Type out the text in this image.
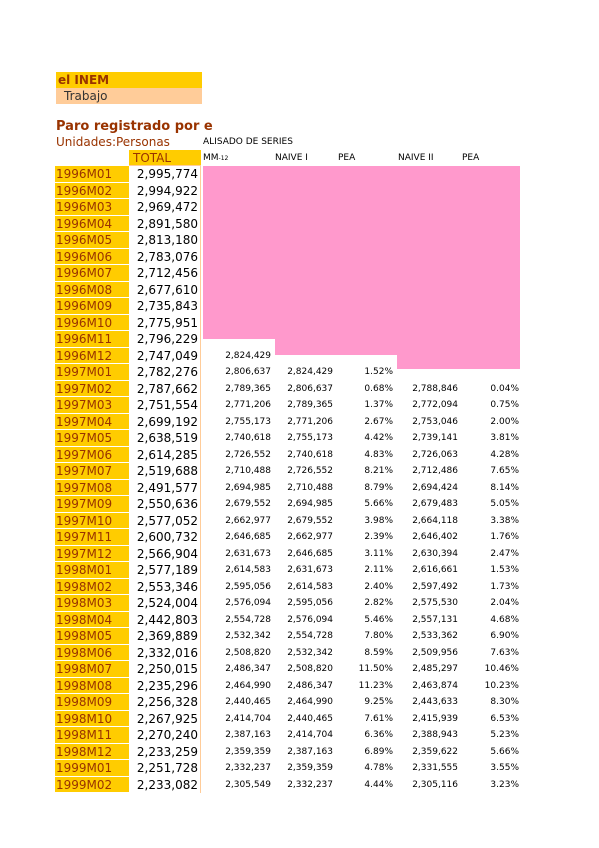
el INEM
Trabajo
Paro registrado por e
Unidades:Personas	ALISADO DE SERIES
TOTAL	MM-12	NAIVE I	PEA	NAIVE II	PEA
1996M01	2,995,774
1996M02	2,994,922
1996M03	2,969,472
1996M04	2,891,580
1996M05	2,813,180
1996M06	2,783,076
1996M07	2,712,456
1996M08	2,677,610
1996M09	2,735,843
1996M10	2,775,951
1996M11	2,796,229
1996M12	2,747,049	2,824,429
1997M01	2,782,276	2,806,637	2,824,429	1.52%
1997M02	2,787,662	2,789,365	2,806,637	0.68%	2,788,846	0.04%
1997M03	2,751,554	2,771,206	2,789,365	1.37%	2,772,094	0.75%
1997M04	2,699,192	2,755,173	2,771,206	2.67%	2,753,046	2.00%
1997M05	2,638,519	2,740,618	2,755,173	4.42%	2,739,141	3.81%
1997M06	2,614,285	2,726,552	2,740,618	4.83%	2,726,063	4.28%
1997M07	2,519,688	2,710,488	2,726,552	8.21%	2,712,486	7.65%
1997M08	2,491,577	2,694,985	2,710,488	8.79%	2,694,424	8.14%
1997M09	2,550,636	2,679,552	2,694,985	5.66%	2,679,483	5.05%
1997M10	2,577,052	2,662,977	2,679,552	3.98%	2,664,118	3.38%
1997M11	2,600,732	2,646,685	2,662,977	2.39%	2,646,402	1.76%
1997M12	2,566,904	2,631,673	2,646,685	3.11%	2,630,394	2.47%
1998M01	2,577,189	2,614,583	2,631,673	2.11%	2,616,661	1.53%
1998M02	2,553,346	2,595,056	2,614,583	2.40%	2,597,492	1.73%
1998M03	2,524,004	2,576,094	2,595,056	2.82%	2,575,530	2.04%
1998M04	2,442,803	2,554,728	2,576,094	5.46%	2,557,131	4.68%
1998M05	2,369,889	2,532,342	2,554,728	7.80%	2,533,362	6.90%
1998M06	2,332,016	2,508,820	2,532,342	8.59%	2,509,956	7.63%
1998M07	2,250,015	2,486,347	2,508,820	11.50%	2,485,297	10.46%
1998M08	2,235,296	2,464,990	2,486,347	11.23%	2,463,874	10.23%
1998M09	2,256,328	2,440,465	2,464,990	9.25%	2,443,633	8.30%
1998M10	2,267,925	2,414,704	2,440,465	7.61%	2,415,939	6.53%
1998M11	2,270,240	2,387,163	2,414,704	6.36%	2,388,943	5.23%
1998M12	2,233,259	2,359,359	2,387,163	6.89%	2,359,622	5.66%
1999M01	2,251,728	2,332,237	2,359,359	4.78%	2,331,555	3.55%
1999M02	2,233,082	2,305,549	2,332,237	4.44%	2,305,116	3.23%
